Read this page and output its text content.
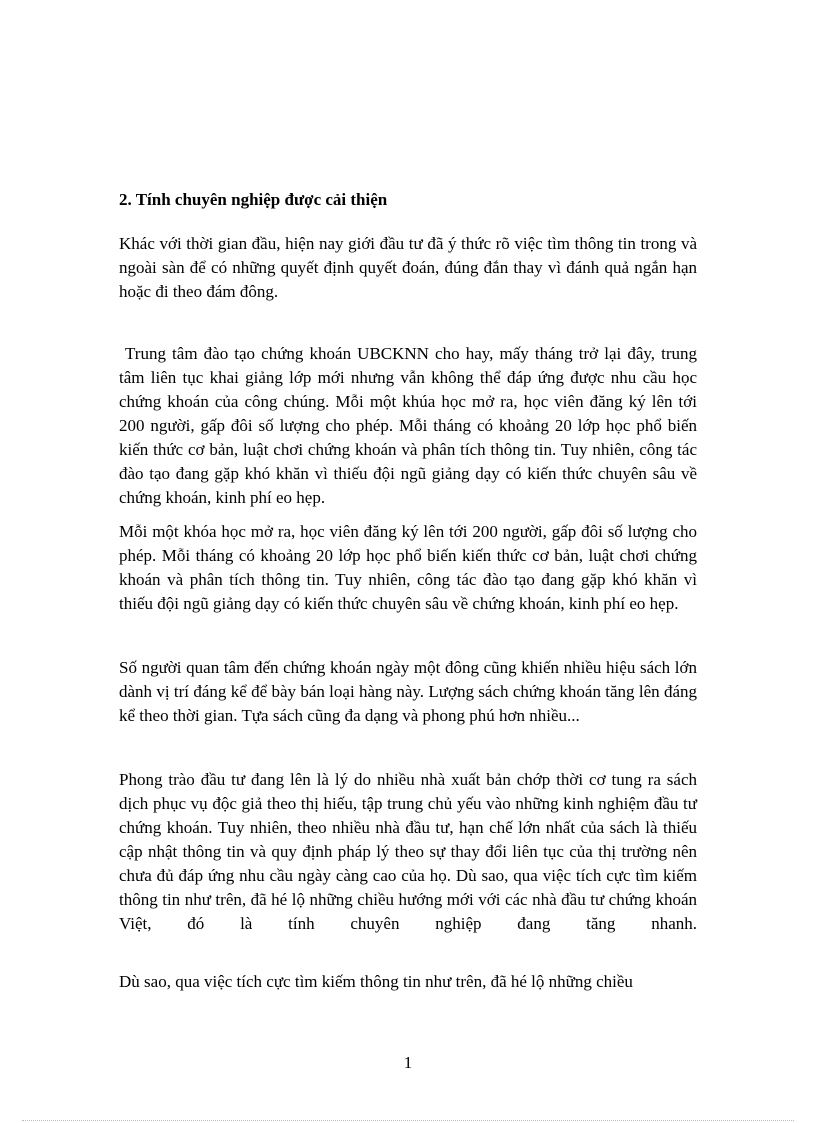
2. Tính chuyên nghiệp được cải thiện

Khác với thời gian đầu, hiện nay giới đầu tư đã ý thức rõ việc tìm thông tin trong và ngoài sàn để có những quyết định quyết đoán, đúng đắn thay vì đánh quả ngắn hạn hoặc đi theo đám đông.

Trung tâm đào tạo chứng khoán UBCKNN cho hay, mấy tháng trở lại đây, trung tâm liên tục khai giảng lớp mới nhưng vẫn không thể đáp ứng được nhu cầu học chứng khoán của công chúng. Mỗi một khúa học mở ra, học viên đăng ký lên tới 200 người, gấp đôi số lượng cho phép. Mỗi tháng có khoảng 20 lớp học phổ biến kiến thức cơ bản, luật chơi chứng khoán và phân tích thông tin. Tuy nhiên, công tác đào tạo đang gặp khó khăn vì thiếu đội ngũ giảng dạy có kiến thức chuyên sâu về chứng khoán, kinh phí eo hẹp.

Mỗi một khóa học mở ra, học viên đăng ký lên tới 200 người, gấp đôi số lượng cho phép. Mỗi tháng có khoảng 20 lớp học phổ biến kiến thức cơ bản, luật chơi chứng khoán và phân tích thông tin. Tuy nhiên, công tác đào tạo đang gặp khó khăn vì thiếu đội ngũ giảng dạy có kiến thức chuyên sâu về chứng khoán, kinh phí eo hẹp.

Số người quan tâm đến chứng khoán ngày một đông cũng khiến nhiều hiệu sách lớn dành vị trí đáng kể để bày bán loại hàng này. Lượng sách chứng khoán tăng lên đáng kể theo thời gian. Tựa sách cũng đa dạng và phong phú hơn nhiều...

Phong trào đầu tư đang lên là lý do nhiều nhà xuất bản chớp thời cơ tung ra sách dịch phục vụ độc giả theo thị hiếu, tập trung chủ yếu vào những kinh nghiệm đầu tư chứng khoán. Tuy nhiên, theo nhiều nhà đầu tư, hạn chế lớn nhất của sách là thiếu cập nhật thông tin và quy định pháp lý theo sự thay đổi liên tục của thị trường nên chưa đủ đáp ứng nhu cầu ngày càng cao của họ. Dù sao, qua việc tích cực tìm kiếm thông tin như trên, đã hé lộ những chiều hướng mới với các nhà đầu tư chứng khoán Việt, đó là tính chuyên nghiệp đang tăng nhanh.

Dù sao, qua việc tích cực tìm kiếm thông tin như trên, đã hé lộ những chiều

1
